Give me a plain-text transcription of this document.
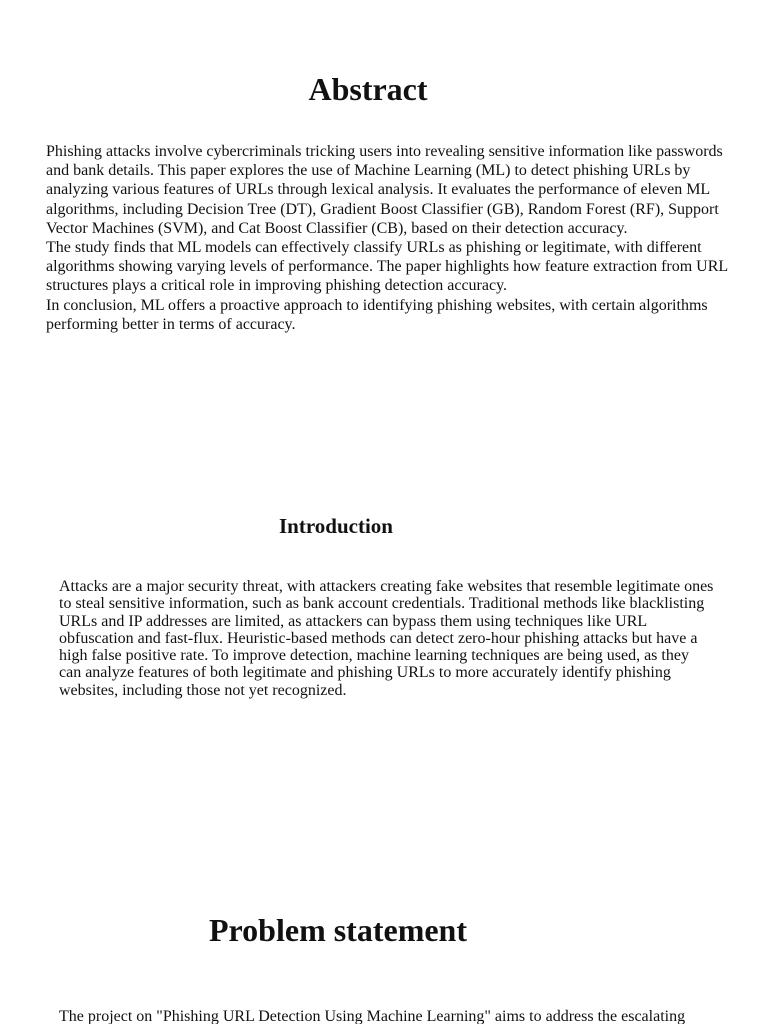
Abstract

Phishing attacks involve cybercriminals tricking users into revealing sensitive information like passwords and bank details. This paper explores the use of Machine Learning (ML) to detect phishing URLs by analyzing various features of URLs through lexical analysis. It evaluates the performance of eleven ML algorithms, including Decision Tree (DT), Gradient Boost Classifier (GB), Random Forest (RF), Support Vector Machines (SVM), and Cat Boost Classifier (CB), based on their detection accuracy.

The study finds that ML models can effectively classify URLs as phishing or legitimate, with different algorithms showing varying levels of performance. The paper highlights how feature extraction from URL structures plays a critical role in improving phishing detection accuracy.

In conclusion, ML offers a proactive approach to identifying phishing websites, with certain algorithms performing better in terms of accuracy.

Introduction

Attacks are a major security threat, with attackers creating fake websites that resemble legitimate ones to steal sensitive information, such as bank account credentials. Traditional methods like blacklisting URLs and IP addresses are limited, as attackers can bypass them using techniques like URL obfuscation and fast-flux. Heuristic-based methods can detect zero-hour phishing attacks but have a high false positive rate. To improve detection, machine learning techniques are being used, as they can analyze features of both legitimate and phishing URLs to more accurately identify phishing websites, including those not yet recognized.

Problem statement

The project on "Phishing URL Detection Using Machine Learning" aims to address the escalating
